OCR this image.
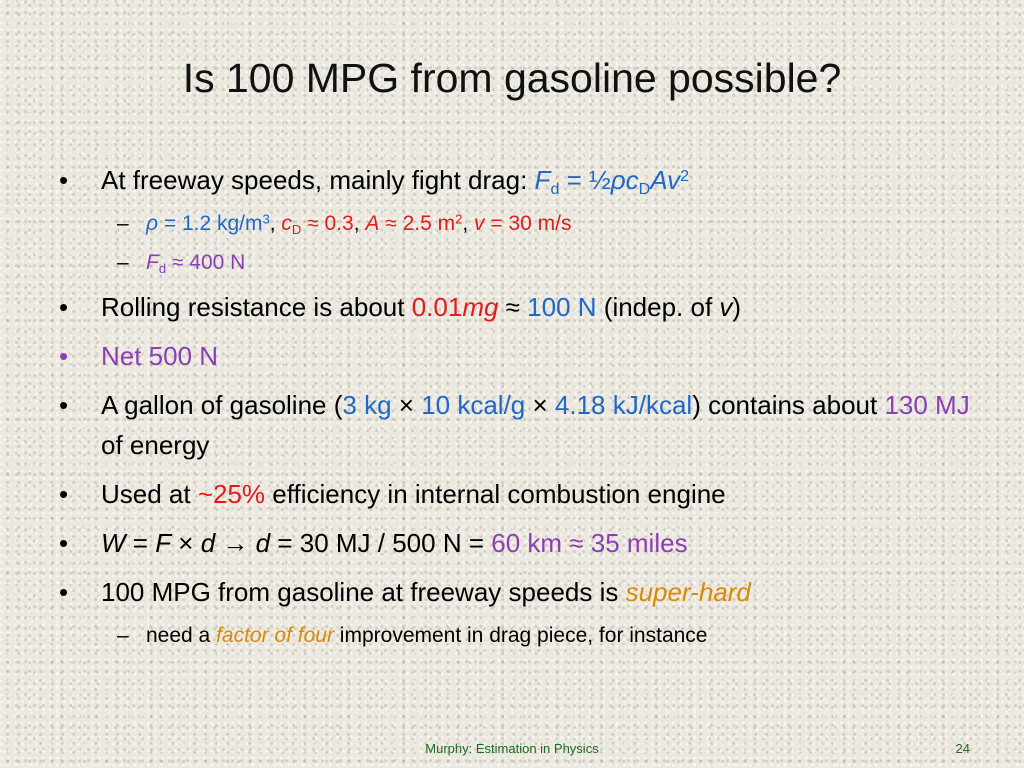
Is 100 MPG from gasoline possible?
• At freeway speeds, mainly fight drag: $F_d$ = $\frac{1}{2}\rho c_DAv^2$
– ρ = 1.2 $kg/m^3$, $c_D \approx 0.3$, A ≈ 2.5 $m^2$, v = 30 m/s
– $F_d \approx 400$ N
• Rolling resistance is about 0.01mg ≈ 100 N (indep. of v)
• Net 500 N
• A gallon of gasoline (3 kg × 10 kcal/g × 4.18 kJ/kcal) contains about 130 MJ of energy
• Used at ~25% efficiency in internal combustion engine
• W = F × d → d = 30 MJ / 500 N = 60 km ≈ 35 miles
• 100 MPG from gasoline at freeway speeds is super-hard
– need a factor of four improvement in drag piece, for instance
Murphy: Estimation in Physics	24
